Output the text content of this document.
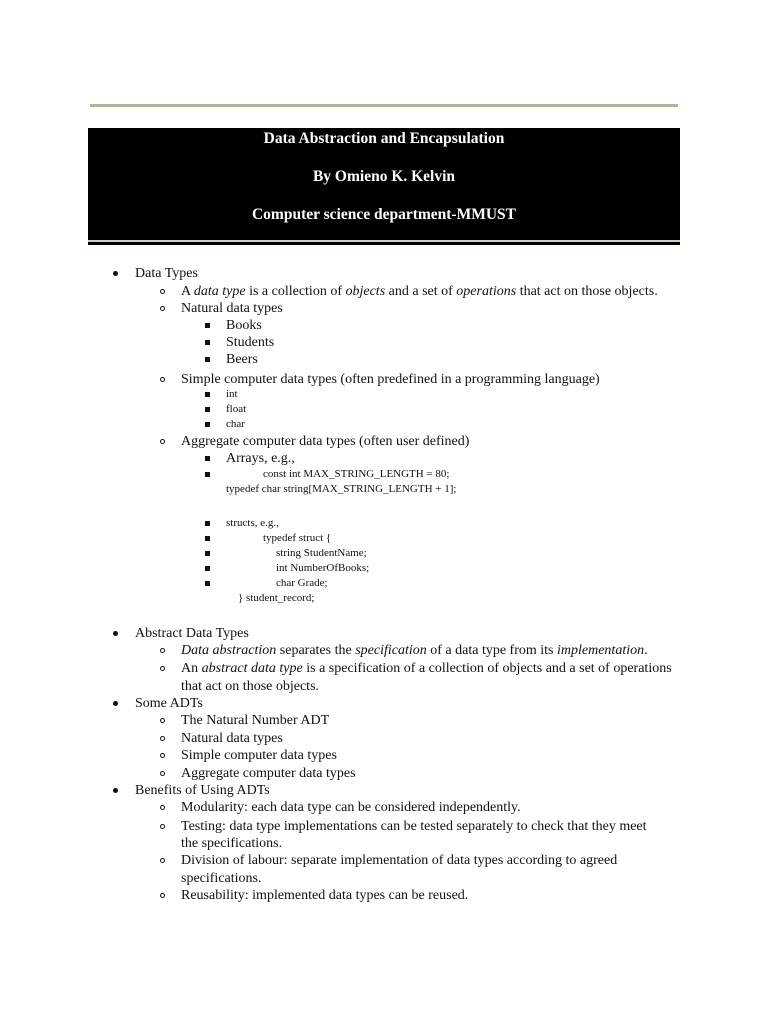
Data Abstraction and Encapsulation
By Omieno K. Kelvin
Computer science department-MMUST
Data Types
A data type is a collection of objects and a set of operations that act on those objects.
Natural data types
Books
Students
Beers
Simple computer data types (often predefined in a programming language)
int
float
char
Aggregate computer data types (often user defined)
Arrays, e.g.,
const int MAX_STRING_LENGTH = 80;
typedef char string[MAX_STRING_LENGTH + 1];
structs, e.g.,
typedef struct {
string StudentName;
int NumberOfBooks;
char Grade;
} student_record;
Abstract Data Types
Data abstraction separates the specification of a data type from its implementation.
An abstract data type is a specification of a collection of objects and a set of operations
that act on those objects.
Some ADTs
The Natural Number ADT
Natural data types
Simple computer data types
Aggregate computer data types
Benefits of Using ADTs
Modularity: each data type can be considered independently.
Testing: data type implementations can be tested separately to check that they meet
the specifications.
Division of labour: separate implementation of data types according to agreed
specifications.
Reusability: implemented data types can be reused.
